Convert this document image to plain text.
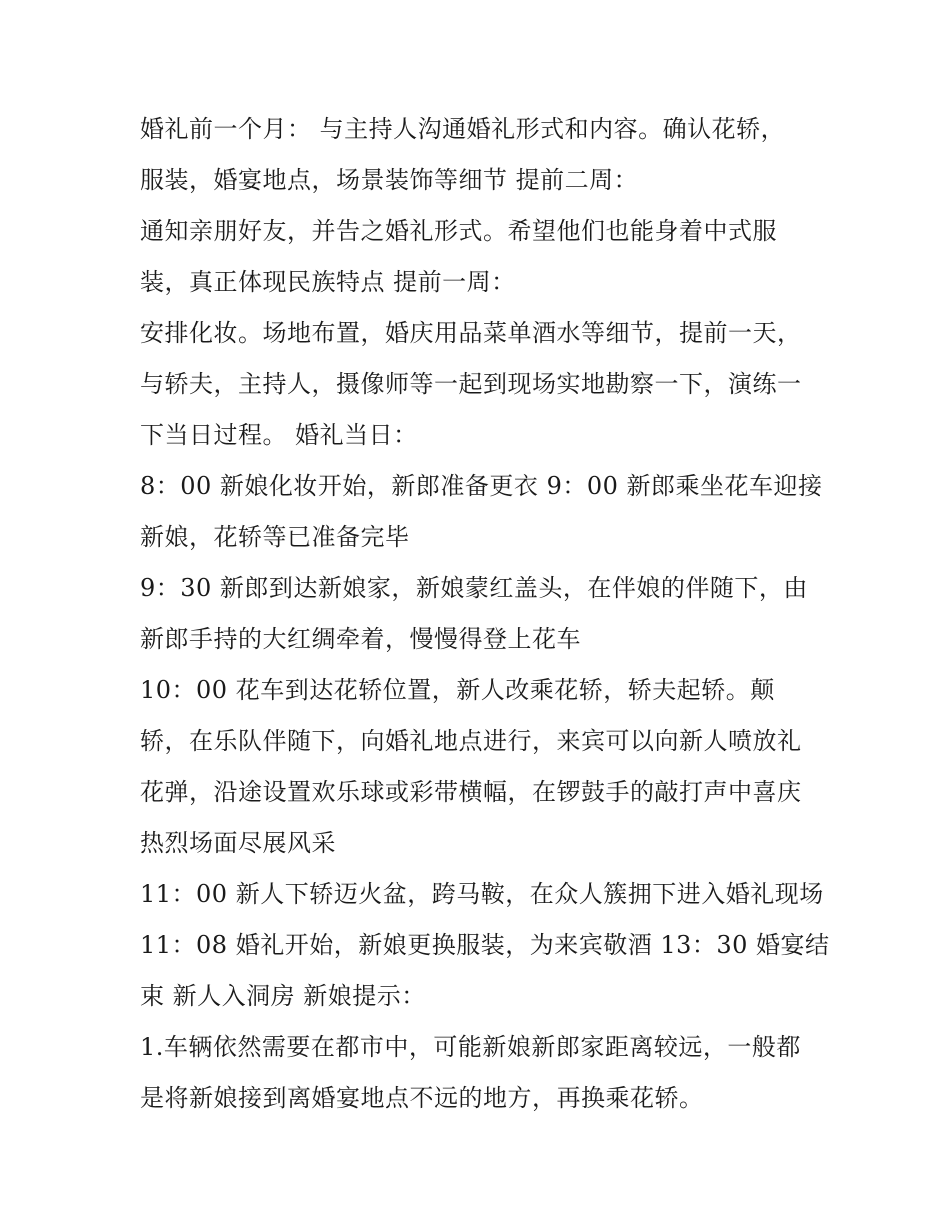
婚礼前一个月： 与主持人沟通婚礼形式和内容。确认花轿，
服装，婚宴地点，场景装饰等细节 提前二周：
通知亲朋好友，并告之婚礼形式。希望他们也能身着中式服
装，真正体现民族特点 提前一周：
安排化妆。场地布置，婚庆用品菜单酒水等细节，提前一天，
与轿夫，主持人，摄像师等一起到现场实地勘察一下，演练一
下当日过程。 婚礼当日：
8：00 新娘化妆开始，新郎准备更衣 9：00 新郎乘坐花车迎接
新娘，花轿等已准备完毕
9：30 新郎到达新娘家，新娘蒙红盖头，在伴娘的伴随下，由
新郎手持的大红绸牵着，慢慢得登上花车
10：00 花车到达花轿位置，新人改乘花轿，轿夫起轿。颠
轿，在乐队伴随下，向婚礼地点进行，来宾可以向新人喷放礼
花弹，沿途设置欢乐球或彩带横幅，在锣鼓手的敲打声中喜庆
热烈场面尽展风采
11：00 新人下轿迈火盆，跨马鞍，在众人簇拥下进入婚礼现场
11：08 婚礼开始，新娘更换服装，为来宾敬酒 13：30 婚宴结
束 新人入洞房 新娘提示：
1.车辆依然需要在都市中，可能新娘新郎家距离较远，一般都
是将新娘接到离婚宴地点不远的地方，再换乘花轿。
